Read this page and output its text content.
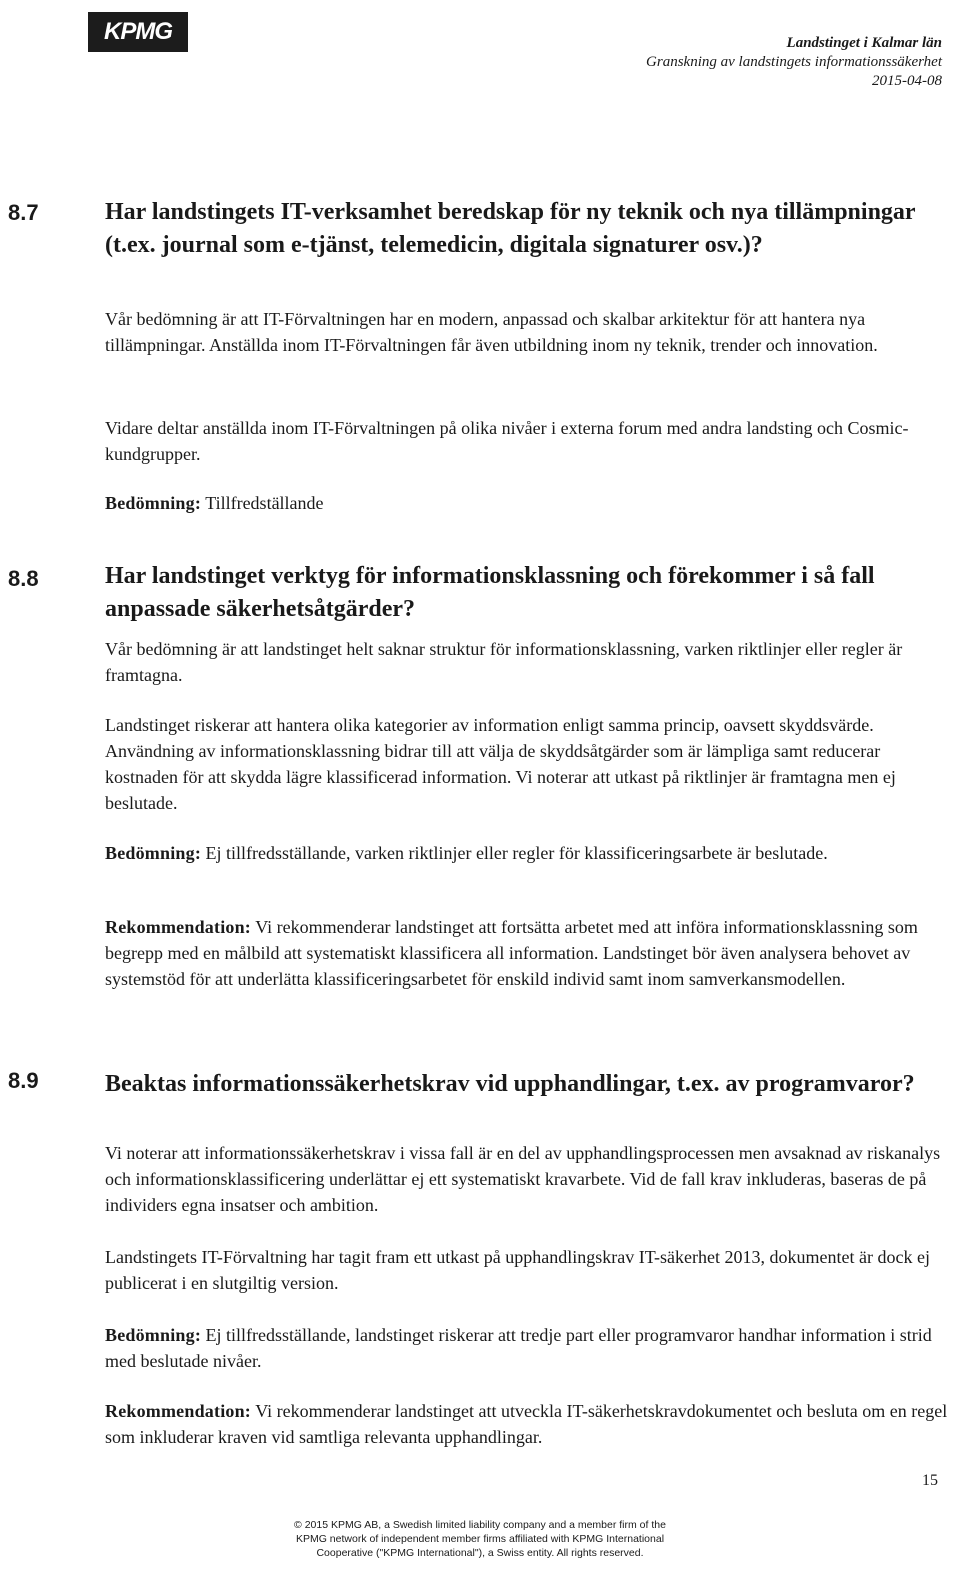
KPMG	Landstinget i Kalmar län
Granskning av landstingets informationssäkerhet
2015-04-08
8.7	Har landstingets IT-verksamhet beredskap för ny teknik och nya tillämpningar (t.ex. journal som e-tjänst, telemedicin, digitala signaturer osv.)?

Vår bedömning är att IT-Förvaltningen har en modern, anpassad och skalbar arkitektur för att hantera nya tillämpningar. Anställda inom IT-Förvaltningen får även utbildning inom ny teknik, trender och innovation.

Vidare deltar anställda inom IT-Förvaltningen på olika nivåer i externa forum med andra landsting och Cosmic-kundgrupper.

Bedömning: Tillfredställande

8.8	Har landstinget verktyg för informationsklassning och förekommer i så fall anpassade säkerhetsåtgärder?

Vår bedömning är att landstinget helt saknar struktur för informationsklassning, varken riktlinjer eller regler är framtagna.

Landstinget riskerar att hantera olika kategorier av information enligt samma princip, oavsett skyddsvärde. Användning av informationsklassning bidrar till att välja de skyddsåtgärder som är lämpliga samt reducerar kostnaden för att skydda lägre klassificerad information. Vi noterar att utkast på riktlinjer är framtagna men ej beslutade.

Bedömning: Ej tillfredsställande, varken riktlinjer eller regler för klassificeringsarbete är beslutade.

Rekommendation: Vi rekommenderar landstinget att fortsätta arbetet med att införa informationsklassning som begrepp med en målbild att systematiskt klassificera all information. Landstinget bör även analysera behovet av systemstöd för att underlätta klassificeringsarbetet för enskild individ samt inom samverkansmodellen.

8.9	Beaktas informationssäkerhetskrav vid upphandlingar, t.ex. av programvaror?

Vi noterar att informationssäkerhetskrav i vissa fall är en del av upphandlingsprocessen men avsaknad av riskanalys och informationsklassificering underlättar ej ett systematiskt kravarbete. Vid de fall krav inkluderas, baseras de på individers egna insatser och ambition.

Landstingets IT-Förvaltning har tagit fram ett utkast på upphandlingskrav IT-säkerhet 2013, dokumentet är dock ej publicerat i en slutgiltig version.

Bedömning: Ej tillfredsställande, landstinget riskerar att tredje part eller programvaror handhar information i strid med beslutade nivåer.

Rekommendation: Vi rekommenderar landstinget att utveckla IT-säkerhetskravdokumentet och besluta om en regel som inkluderar kraven vid samtliga relevanta upphandlingar.

15
© 2015 KPMG AB, a Swedish limited liability company and a member firm of the
KPMG network of independent member firms affiliated with KPMG International
Cooperative ("KPMG International"), a Swiss entity. All rights reserved.
